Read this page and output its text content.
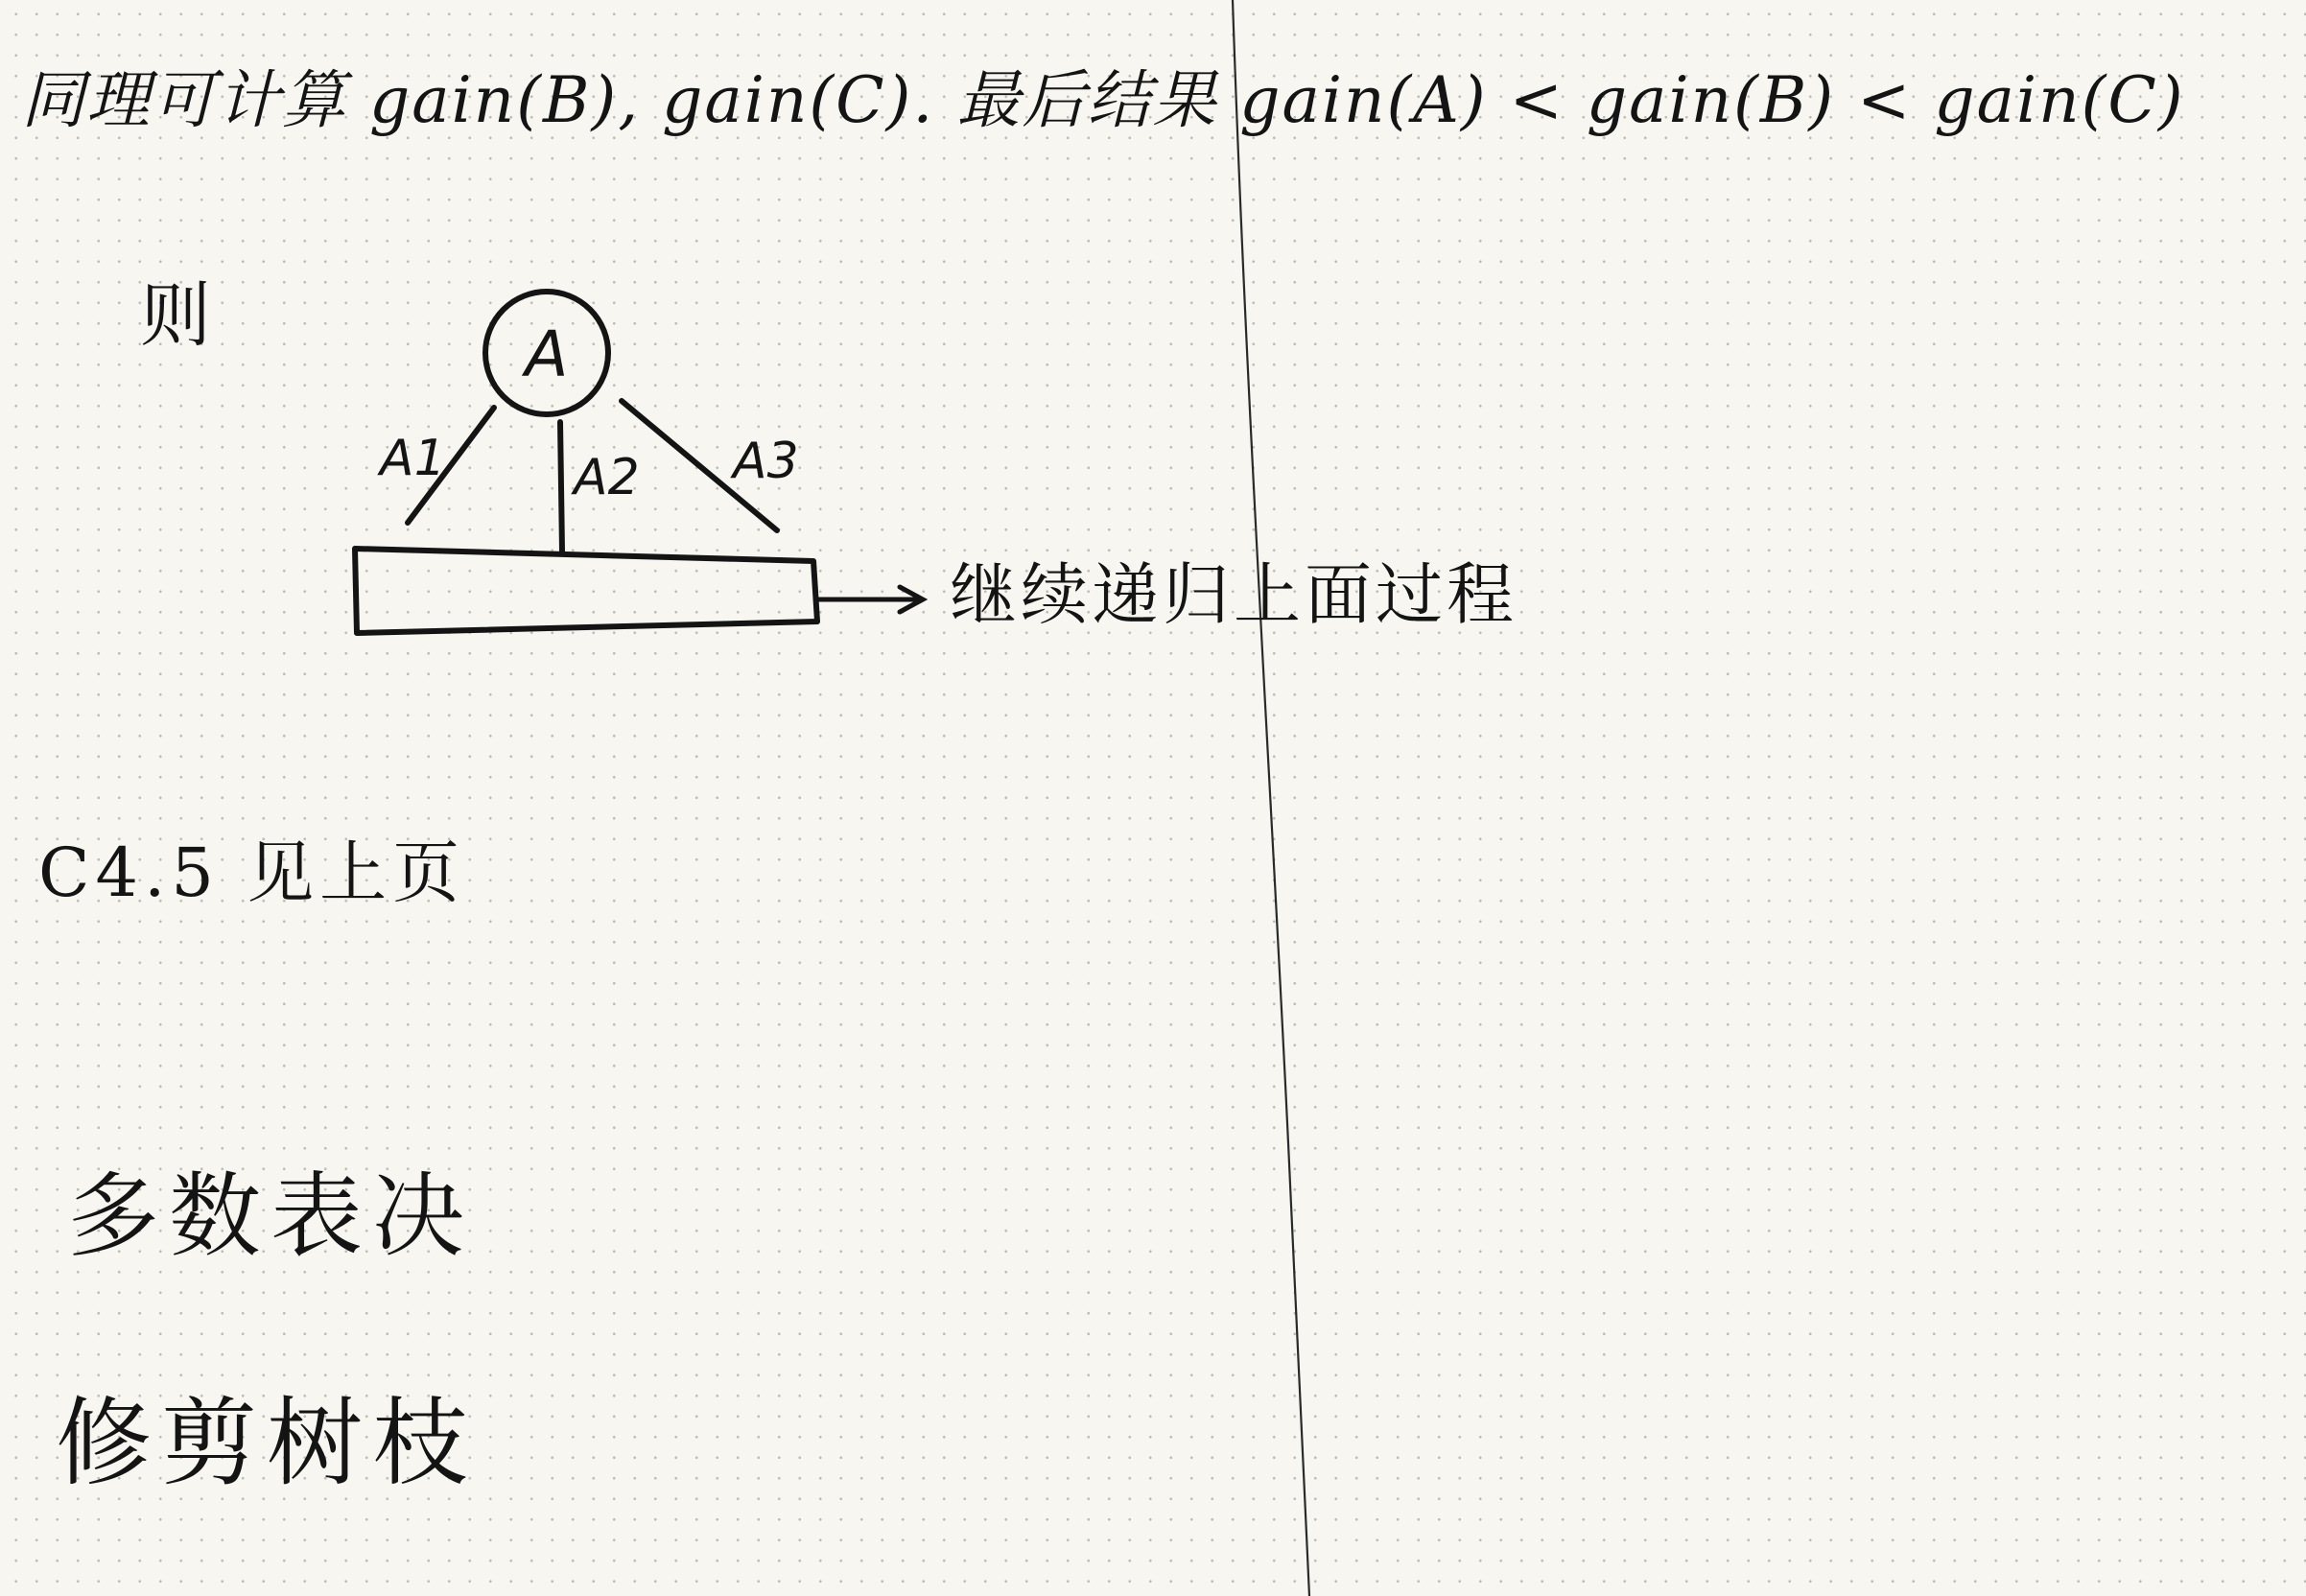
同理可计算 gain(B), gain(C). 最后结果 gain(A) < gain(B) < gain(C)
则	A
A1	A2 A3
继续递归上面过程
C4.5 见上页
多数表决
修剪树枝
